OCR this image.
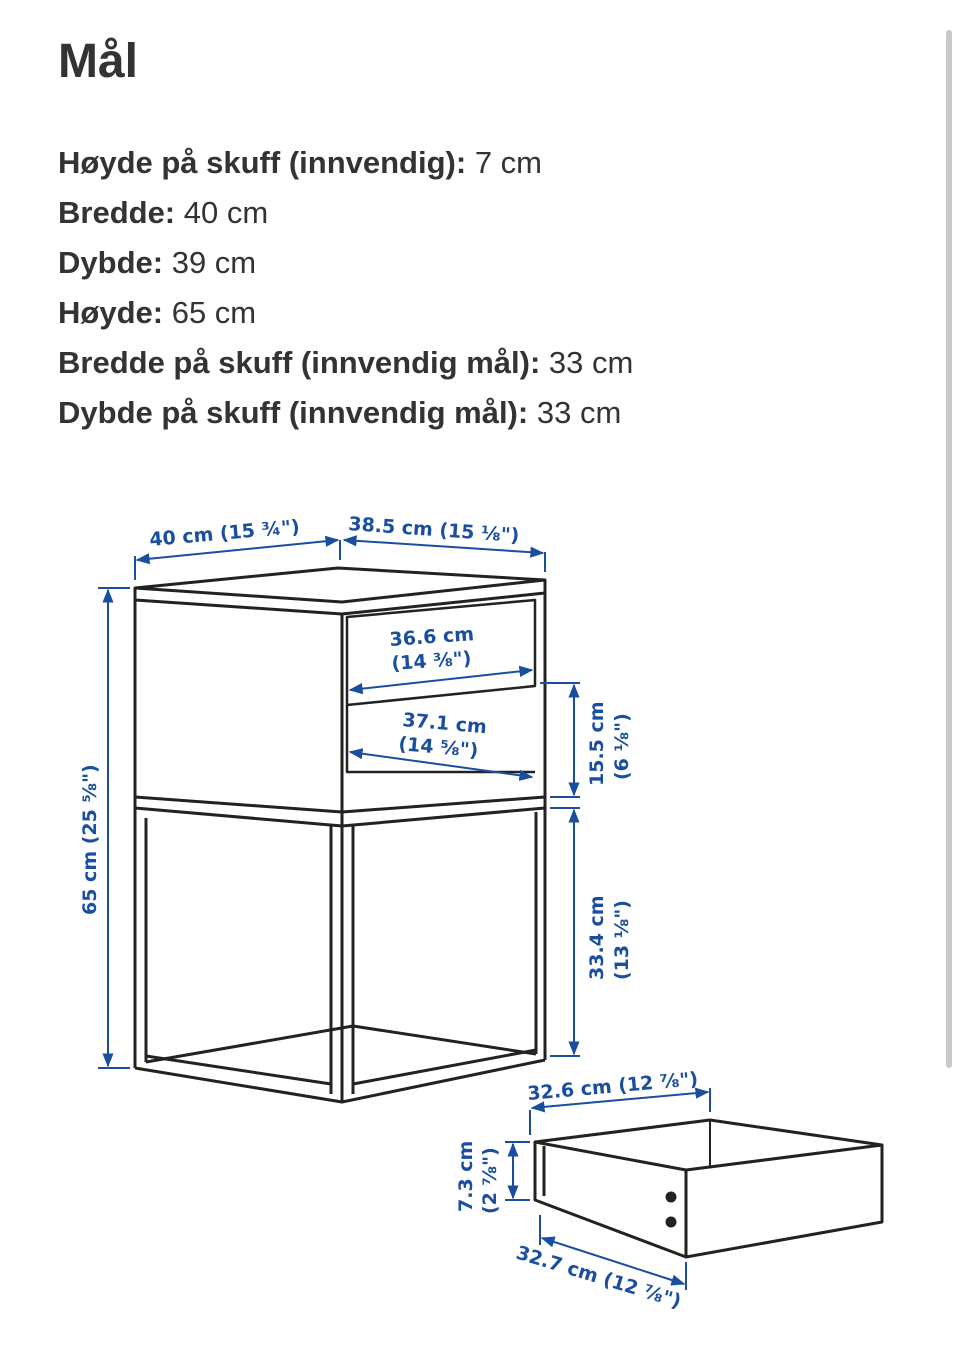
Mål
Høyde på skuff (innvendig): 7 cm
Bredde: 40 cm
Dybde: 39 cm
Høyde: 65 cm
Bredde på skuff (innvendig mål): 33 cm
Dybde på skuff (innvendig mål): 33 cm
40 cm (15 ¾") 38.5 cm (15 ⅛")
36.6 cm
(14 ⅜")
37.1 cm
(14 ⅝")	15.5 cm (6 ⅛")
33.4 cm (13 ⅛")
65 cm (25 ⅝")
32.6 cm (12 ⅞")
7.3 cm (2 ⅞")
32.7 cm (12 ⅞")
